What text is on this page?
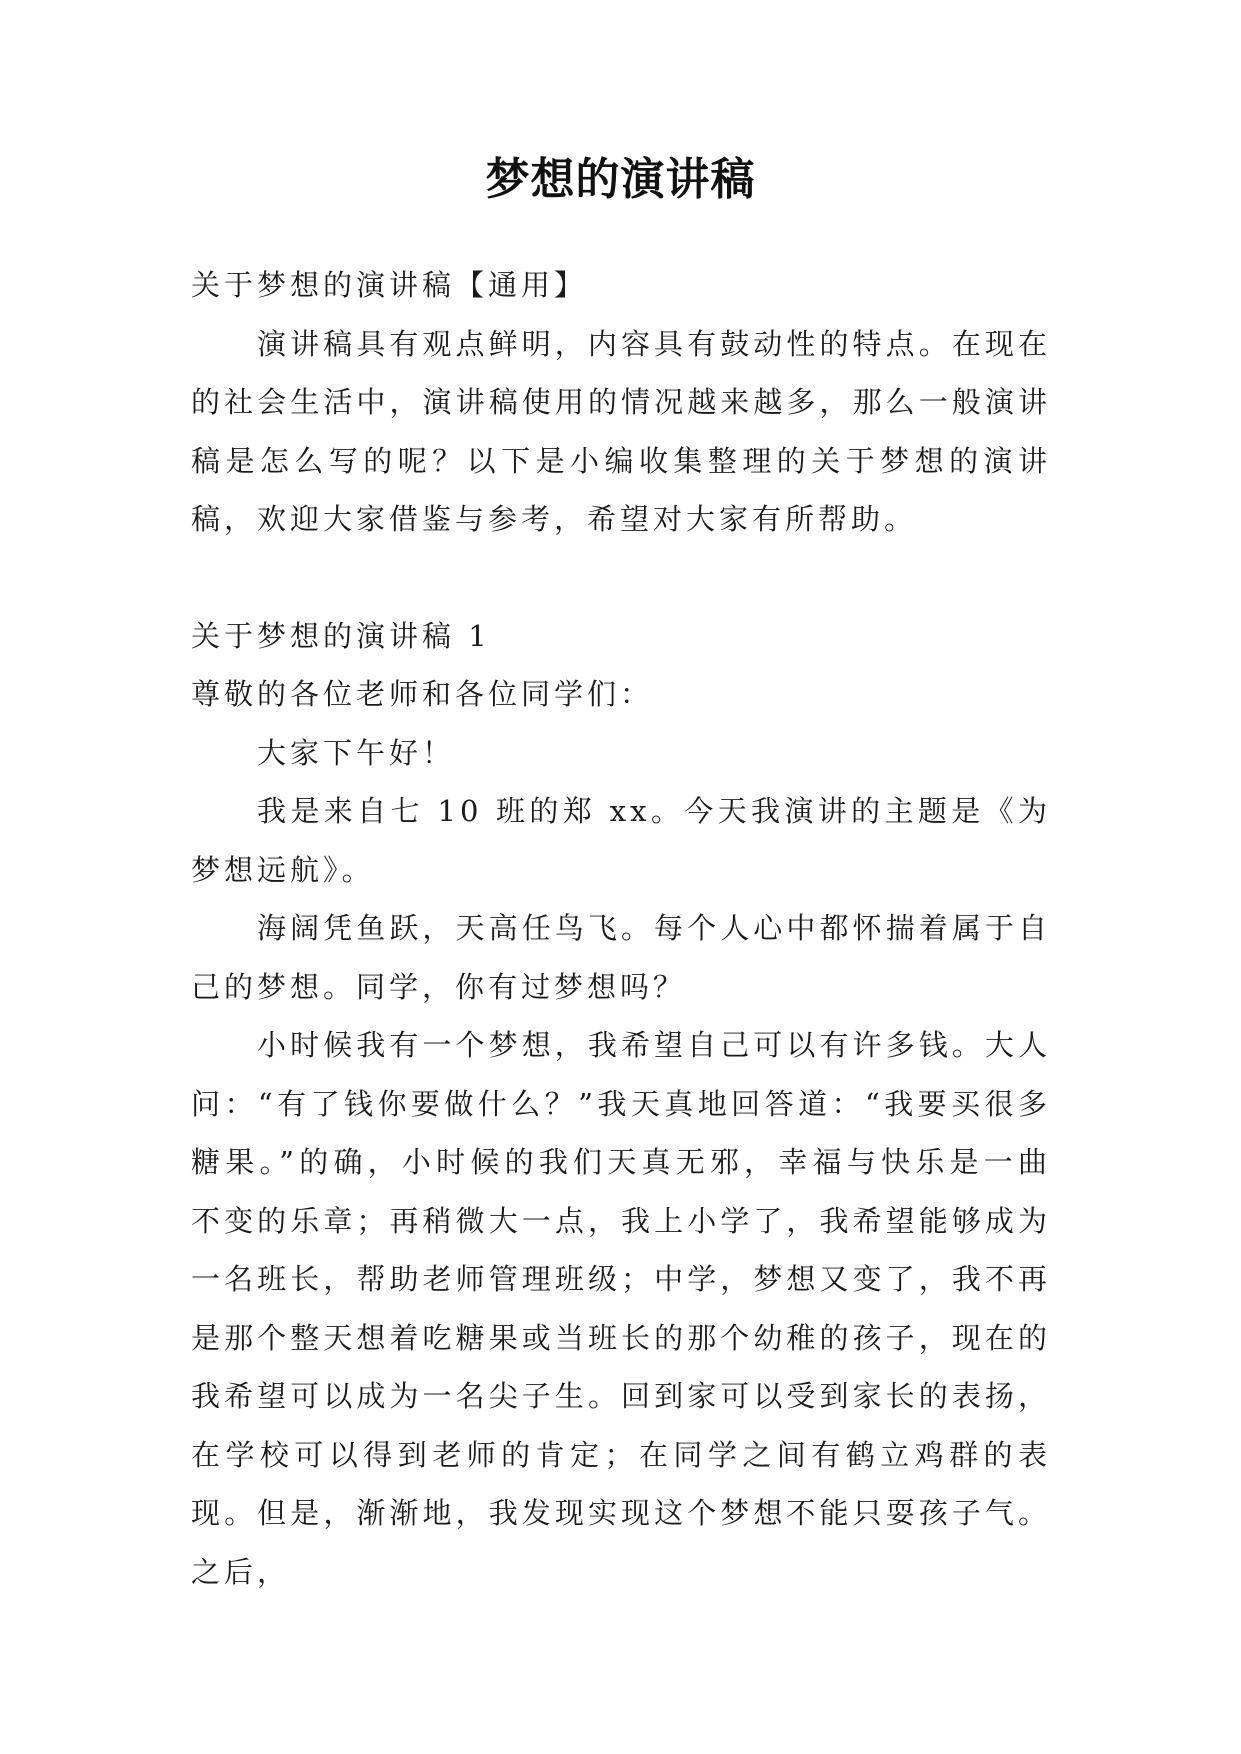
梦想的演讲稿

关于梦想的演讲稿【通用】

演讲稿具有观点鲜明，内容具有鼓动性的特点。在现在的社会生活中，演讲稿使用的情况越来越多，那么一般演讲稿是怎么写的呢？以下是小编收集整理的关于梦想的演讲稿，欢迎大家借鉴与参考，希望对大家有所帮助。

关于梦想的演讲稿 1

尊敬的各位老师和各位同学们：

大家下午好！

我是来自七 10 班的郑 xx。今天我演讲的主题是《为梦想远航》。

海阔凭鱼跃，天高任鸟飞。每个人心中都怀揣着属于自己的梦想。同学，你有过梦想吗？

小时候我有一个梦想，我希望自己可以有许多钱。大人问：“有了钱你要做什么？”我天真地回答道：“我要买很多糖果。”的确，小时候的我们天真无邪，幸福与快乐是一曲不变的乐章；再稍微大一点，我上小学了，我希望能够成为一名班长，帮助老师管理班级；中学，梦想又变了，我不再是那个整天想着吃糖果或当班长的那个幼稚的孩子，现在的我希望可以成为一名尖子生。回到家可以受到家长的表扬，在学校可以得到老师的肯定；在同学之间有鹤立鸡群的表现。但是，渐渐地，我发现实现这个梦想不能只耍孩子气。之后，
